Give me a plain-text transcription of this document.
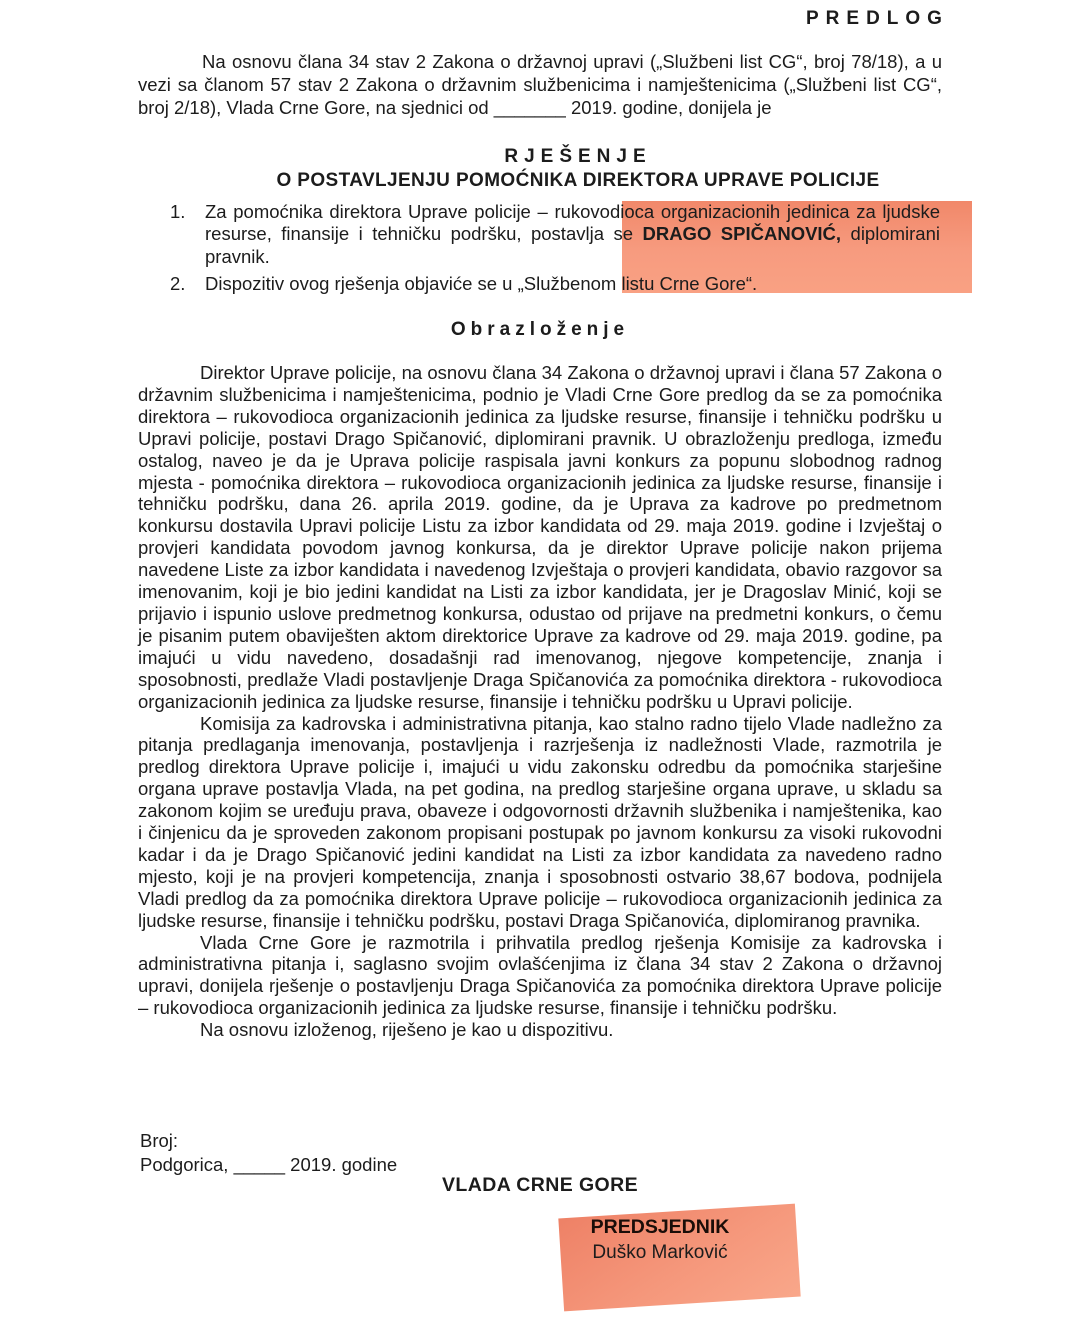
PREDLOG

Na osnovu člana 34 stav 2 Zakona o državnoj upravi („Službeni list CG“, broj 78/18), a u vezi sa članom 57 stav 2 Zakona o državnim službenicima i namještenicima („Službeni list CG“, broj 2/18), Vlada Crne Gore, na sjednici od _______ 2019. godine, donijela je

RJEŠENJE
O POSTAVLJENJU POMOĆNIKA DIREKTORA UPRAVE POLICIJE
1.	Za pomoćnika direktora Uprave policije – rukovodioca organizacionih jedinica za ljudske resurse, finansije i tehničku podršku, postavlja se DRAGO SPIČANOVIĆ, diplomirani pravnik.
2.	Dispozitiv ovog rješenja objaviće se u „Službenom listu Crne Gore“.
Obrazloženje

Direktor Uprave policije, na osnovu člana 34 Zakona o državnoj upravi i člana 57 Zakona o državnim službenicima i namještenicima, podnio je Vladi Crne Gore predlog da se za pomoćnika direktora – rukovodioca organizacionih jedinica za ljudske resurse, finansije i tehničku podršku u Upravi policije, postavi Drago Spičanović, diplomirani pravnik. U obrazloženju predloga, između ostalog, naveo je da je Uprava policije raspisala javni konkurs za popunu slobodnog radnog mjesta - pomoćnika direktora – rukovodioca organizacionih jedinica za ljudske resurse, finansije i tehničku podršku, dana 26. aprila 2019. godine, da je Uprava za kadrove po predmetnom konkursu dostavila Upravi policije Listu za izbor kandidata od 29. maja 2019. godine i Izvještaj o provjeri kandidata povodom javnog konkursa, da je direktor Uprave policije nakon prijema navedene Liste za izbor kandidata i navedenog Izvještaja o provjeri kandidata, obavio razgovor sa imenovanim, koji je bio jedini kandidat na Listi za izbor kandidata, jer je Dragoslav Minić, koji se prijavio i ispunio uslove predmetnog konkursa, odustao od prijave na predmetni konkurs, o čemu je pisanim putem obaviješten aktom direktorice Uprave za kadrove od 29. maja 2019. godine, pa imajući u vidu navedeno, dosadašnji rad imenovanog, njegove kompetencije, znanja i sposobnosti, predlaže Vladi postavljenje Draga Spičanovića za pomoćnika direktora - rukovodioca organizacionih jedinica za ljudske resurse, finansije i tehničku podršku u Upravi policije.

Komisija za kadrovska i administrativna pitanja, kao stalno radno tijelo Vlade nadležno za pitanja predlaganja imenovanja, postavljenja i razrješenja iz nadležnosti Vlade, razmotrila je predlog direktora Uprave policije i, imajući u vidu zakonsku odredbu da pomoćnika starješine organa uprave postavlja Vlada, na pet godina, na predlog starješine organa uprave, u skladu sa zakonom kojim se uređuju prava, obaveze i odgovornosti državnih službenika i namještenika, kao i činjenicu da je sproveden zakonom propisani postupak po javnom konkursu za visoki rukovodni kadar i da je Drago Spičanović jedini kandidat na Listi za izbor kandidata za navedeno radno mjesto, koji je na provjeri kompetencija, znanja i sposobnosti ostvario 38,67 bodova, podnijela Vladi predlog da za pomoćnika direktora Uprave policije – rukovodioca organizacionih jedinica za ljudske resurse, finansije i tehničku podršku, postavi Draga Spičanovića, diplomiranog pravnika.

Vlada Crne Gore je razmotrila i prihvatila predlog rješenja Komisije za kadrovska i administrativna pitanja i, saglasno svojim ovlašćenjima iz člana 34 stav 2 Zakona o državnoj upravi, donijela rješenje o postavljenju Draga Spičanovića za pomoćnika direktora Uprave policije – rukovodioca organizacionih jedinica za ljudske resurse, finansije i tehničku podršku.

Na osnovu izloženog, riješeno je kao u dispozitivu.

Broj:
Podgorica, _____ 2019. godine
VLADA CRNE GORE
PREDSJEDNIK
Duško Marković
